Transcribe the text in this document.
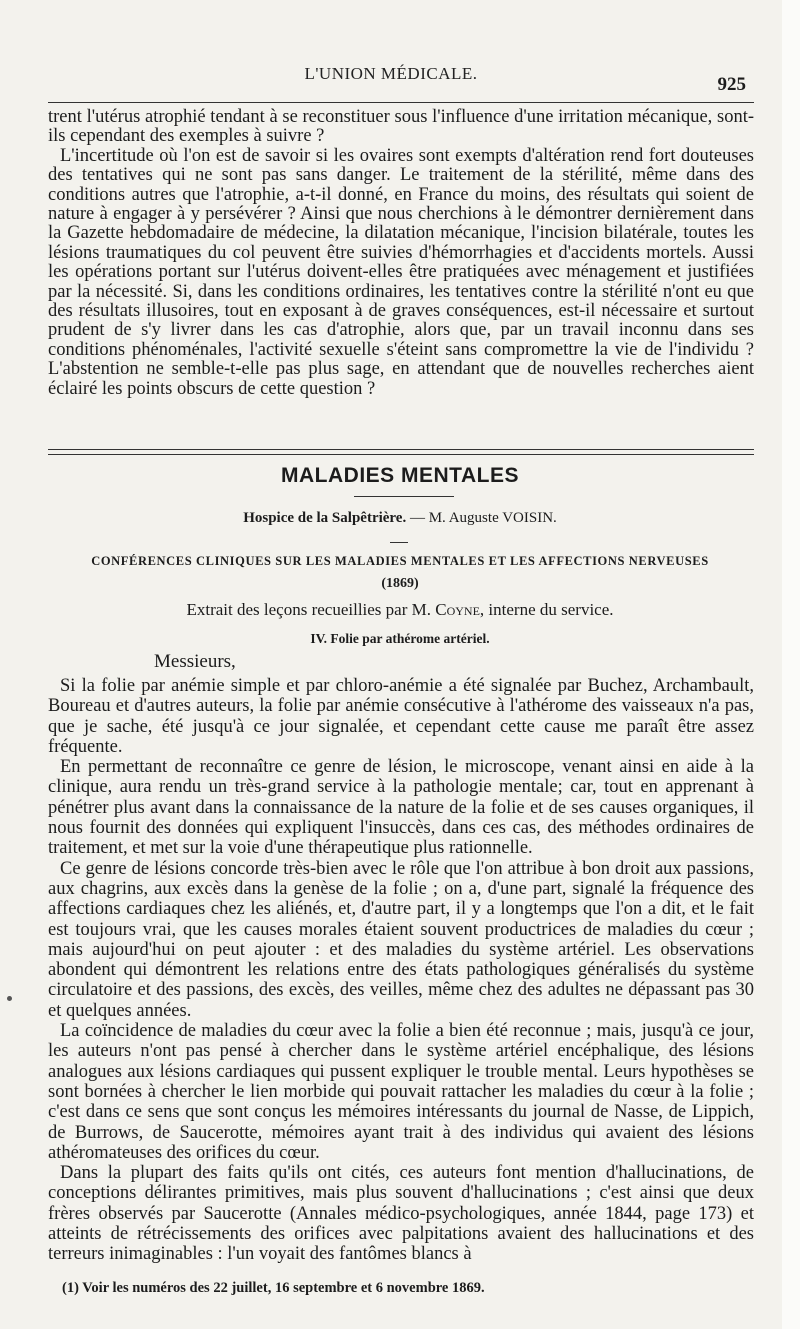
L'UNION MÉDICALE.
925

trent l'utérus atrophié tendant à se reconstituer sous l'influence d'une irritation mécanique, sont-ils cependant des exemples à suivre ?

L'incertitude où l'on est de savoir si les ovaires sont exempts d'altération rend fort douteuses des tentatives qui ne sont pas sans danger. Le traitement de la stérilité, même dans des conditions autres que l'atrophie, a-t-il donné, en France du moins, des résultats qui soient de nature à engager à y persévérer ? Ainsi que nous cherchions à le démontrer dernièrement dans la Gazette hebdomadaire de médecine, la dilatation mécanique, l'incision bilatérale, toutes les lésions traumatiques du col peuvent être suivies d'hémorrhagies et d'accidents mortels. Aussi les opérations portant sur l'utérus doivent-elles être pratiquées avec ménagement et justifiées par la nécessité. Si, dans les conditions ordinaires, les tentatives contre la stérilité n'ont eu que des résultats illusoires, tout en exposant à de graves conséquences, est-il nécessaire et surtout prudent de s'y livrer dans les cas d'atrophie, alors que, par un travail inconnu dans ses conditions phénoménales, l'activité sexuelle s'éteint sans compromettre la vie de l'individu ? L'abstention ne semble-t-elle pas plus sage, en attendant que de nouvelles recherches aient éclairé les points obscurs de cette question ?

MALADIES MENTALES
Hospice de la Salpêtrière. — M. Auguste VOISIN.
CONFÉRENCES CLINIQUES SUR LES MALADIES MENTALES ET LES AFFECTIONS NERVEUSES
(1869)
Extrait des leçons recueillies par M. Coyne, interne du service.
IV. Folie par athérome artériel.
Messieurs,

Si la folie par anémie simple et par chloro-anémie a été signalée par Buchez, Archambault, Boureau et d'autres auteurs, la folie par anémie consécutive à l'athérome des vaisseaux n'a pas, que je sache, été jusqu'à ce jour signalée, et cependant cette cause me paraît être assez fréquente.

En permettant de reconnaître ce genre de lésion, le microscope, venant ainsi en aide à la clinique, aura rendu un très-grand service à la pathologie mentale; car, tout en apprenant à pénétrer plus avant dans la connaissance de la nature de la folie et de ses causes organiques, il nous fournit des données qui expliquent l'insuccès, dans ces cas, des méthodes ordinaires de traitement, et met sur la voie d'une thérapeutique plus rationnelle.

Ce genre de lésions concorde très-bien avec le rôle que l'on attribue à bon droit aux passions, aux chagrins, aux excès dans la genèse de la folie ; on a, d'une part, signalé la fréquence des affections cardiaques chez les aliénés, et, d'autre part, il y a longtemps que l'on a dit, et le fait est toujours vrai, que les causes morales étaient souvent productrices de maladies du cœur ; mais aujourd'hui on peut ajouter : et des maladies du système artériel. Les observations abondent qui démontrent les relations entre des états pathologiques généralisés du système circulatoire et des passions, des excès, des veilles, même chez des adultes ne dépassant pas 30 et quelques années.

La coïncidence de maladies du cœur avec la folie a bien été reconnue ; mais, jusqu'à ce jour, les auteurs n'ont pas pensé à chercher dans le système artériel encéphalique, des lésions analogues aux lésions cardiaques qui pussent expliquer le trouble mental. Leurs hypothèses se sont bornées à chercher le lien morbide qui pouvait rattacher les maladies du cœur à la folie ; c'est dans ce sens que sont conçus les mémoires intéressants du journal de Nasse, de Lippich, de Burrows, de Saucerotte, mémoires ayant trait à des individus qui avaient des lésions athéromateuses des orifices du cœur.

Dans la plupart des faits qu'ils ont cités, ces auteurs font mention d'hallucinations, de conceptions délirantes primitives, mais plus souvent d'hallucinations ; c'est ainsi que deux frères observés par Saucerotte (Annales médico-psychologiques, année 1844, page 173) et atteints de rétrécissements des orifices avec palpitations avaient des hallucinations et des terreurs inimaginables : l'un voyait des fantômes blancs à

(1) Voir les numéros des 22 juillet, 16 septembre et 6 novembre 1869.
